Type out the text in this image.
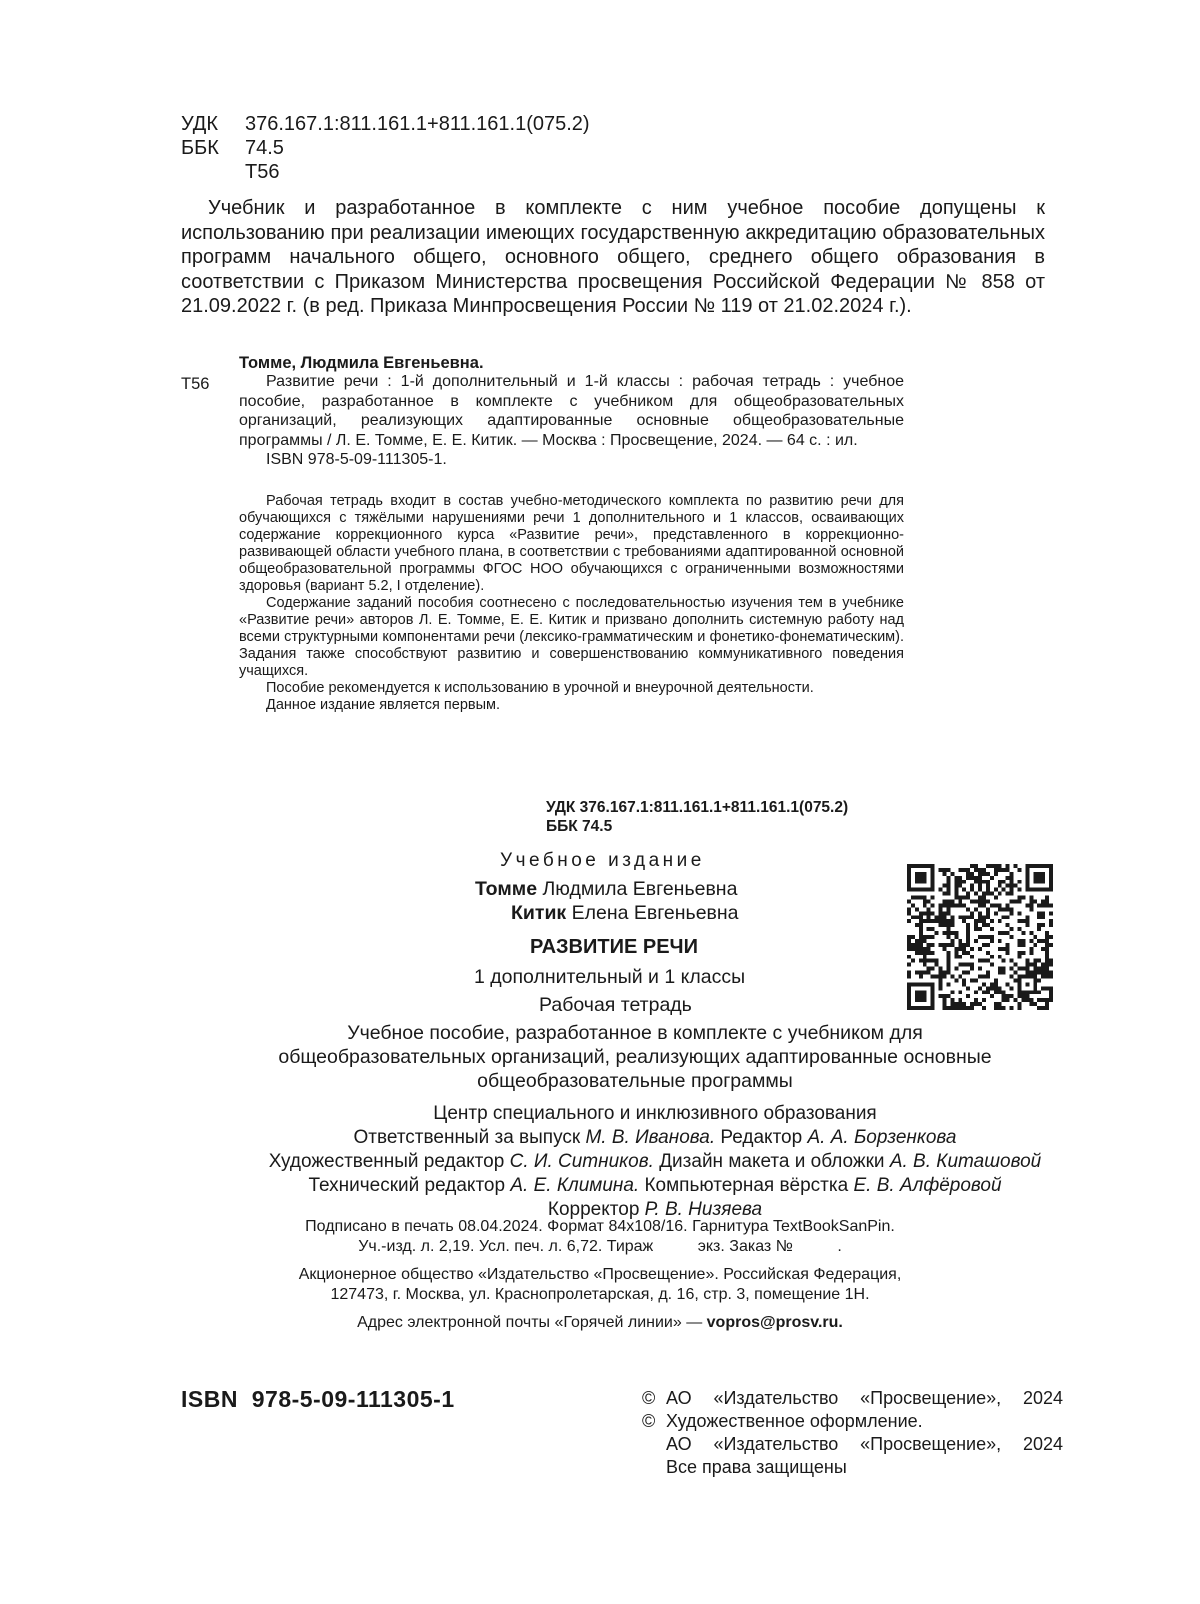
УДК	376.167.1:811.161.1+811.161.1(075.2)
ББК	74.5
Т56
Учебник и разработанное в комплекте с ним учебное пособие допущены к использованию при реализации имеющих государственную аккредитацию образовательных программ начального общего, основного общего, среднего общего образования в соответствии с Приказом Министерства просвещения Российской Федерации № 858 от 21.09.2022 г. (в ред. Приказа Минпросвещения России № 119 от 21.02.2024 г.).
Томме, Людмила Евгеньевна.
Т56	Развитие речи : 1-й дополнительный и 1-й классы : рабочая тетрадь : учебное пособие, разработанное в комплекте с учебником для общеобразовательных организаций, реализующих адаптированные основные общеобразовательные программы / Л. Е. Томме, Е. Е. Китик. — Москва : Просвещение, 2024. — 64 с. : ил.

ISBN 978-5-09-111305-1.

Рабочая тетрадь входит в состав учебно-методического комплекта по развитию речи для обучающихся с тяжёлыми нарушениями речи 1 дополнительного и 1 классов, осваивающих содержание коррекционного курса «Развитие речи», представленного в коррекционно-развивающей области учебного плана, в соответствии с требованиями адаптированной основной общеобразовательной программы ФГОС НОО обучающихся с ограниченными возможностями здоровья (вариант 5.2, I отделение).

Содержание заданий пособия соотнесено с последовательностью изучения тем в учебнике «Развитие речи» авторов Л. Е. Томме, Е. Е. Китик и призвано дополнить системную работу над всеми структурными компонентами речи (лексико-грамматическим и фонетико-фонематическим). Задания также способствуют развитию и совершенствованию коммуникативного поведения учащихся.

Пособие рекомендуется к использованию в урочной и внеурочной деятельности.

Данное издание является первым.

УДК 376.167.1:811.161.1+811.161.1(075.2)
ББК 74.5
Учебное издание
Томме Людмила Евгеньевна
Китик Елена Евгеньевна
РАЗВИТИЕ РЕЧИ
1 дополнительный и 1 классы
Рабочая тетрадь
Учебное пособие, разработанное в комплекте с учебником для общеобразовательных организаций, реализующих адаптированные основные общеобразовательные программы
Центр специального и инклюзивного образования
Ответственный за выпуск М. В. Иванова. Редактор А. А. Борзенкова
Художественный редактор С. И. Ситников. Дизайн макета и обложки А. В. Киташовой
Технический редактор А. Е. Климина. Компьютерная вёрстка Е. В. Алфёровой
Корректор Р. В. Низяева

Подписано в печать 08.04.2024. Формат 84x108/16. Гарнитура TextBookSanPin.

Уч.-изд. л. 2,19. Усл. печ. л. 6,72. Тираж          экз. Заказ №          .

Акционерное общество «Издательство «Просвещение». Российская Федерация,

127473, г. Москва, ул. Краснопролетарская, д. 16, стр. 3, помещение 1Н.

Адрес электронной почты «Горячей линии» — vopros@prosv.ru.

ISBN  978-5-09-111305-1	© АО «Издательство «Просвещение», 2024
© Художественное оформление.
АО «Издательство «Просвещение», 2024
Все права защищены
